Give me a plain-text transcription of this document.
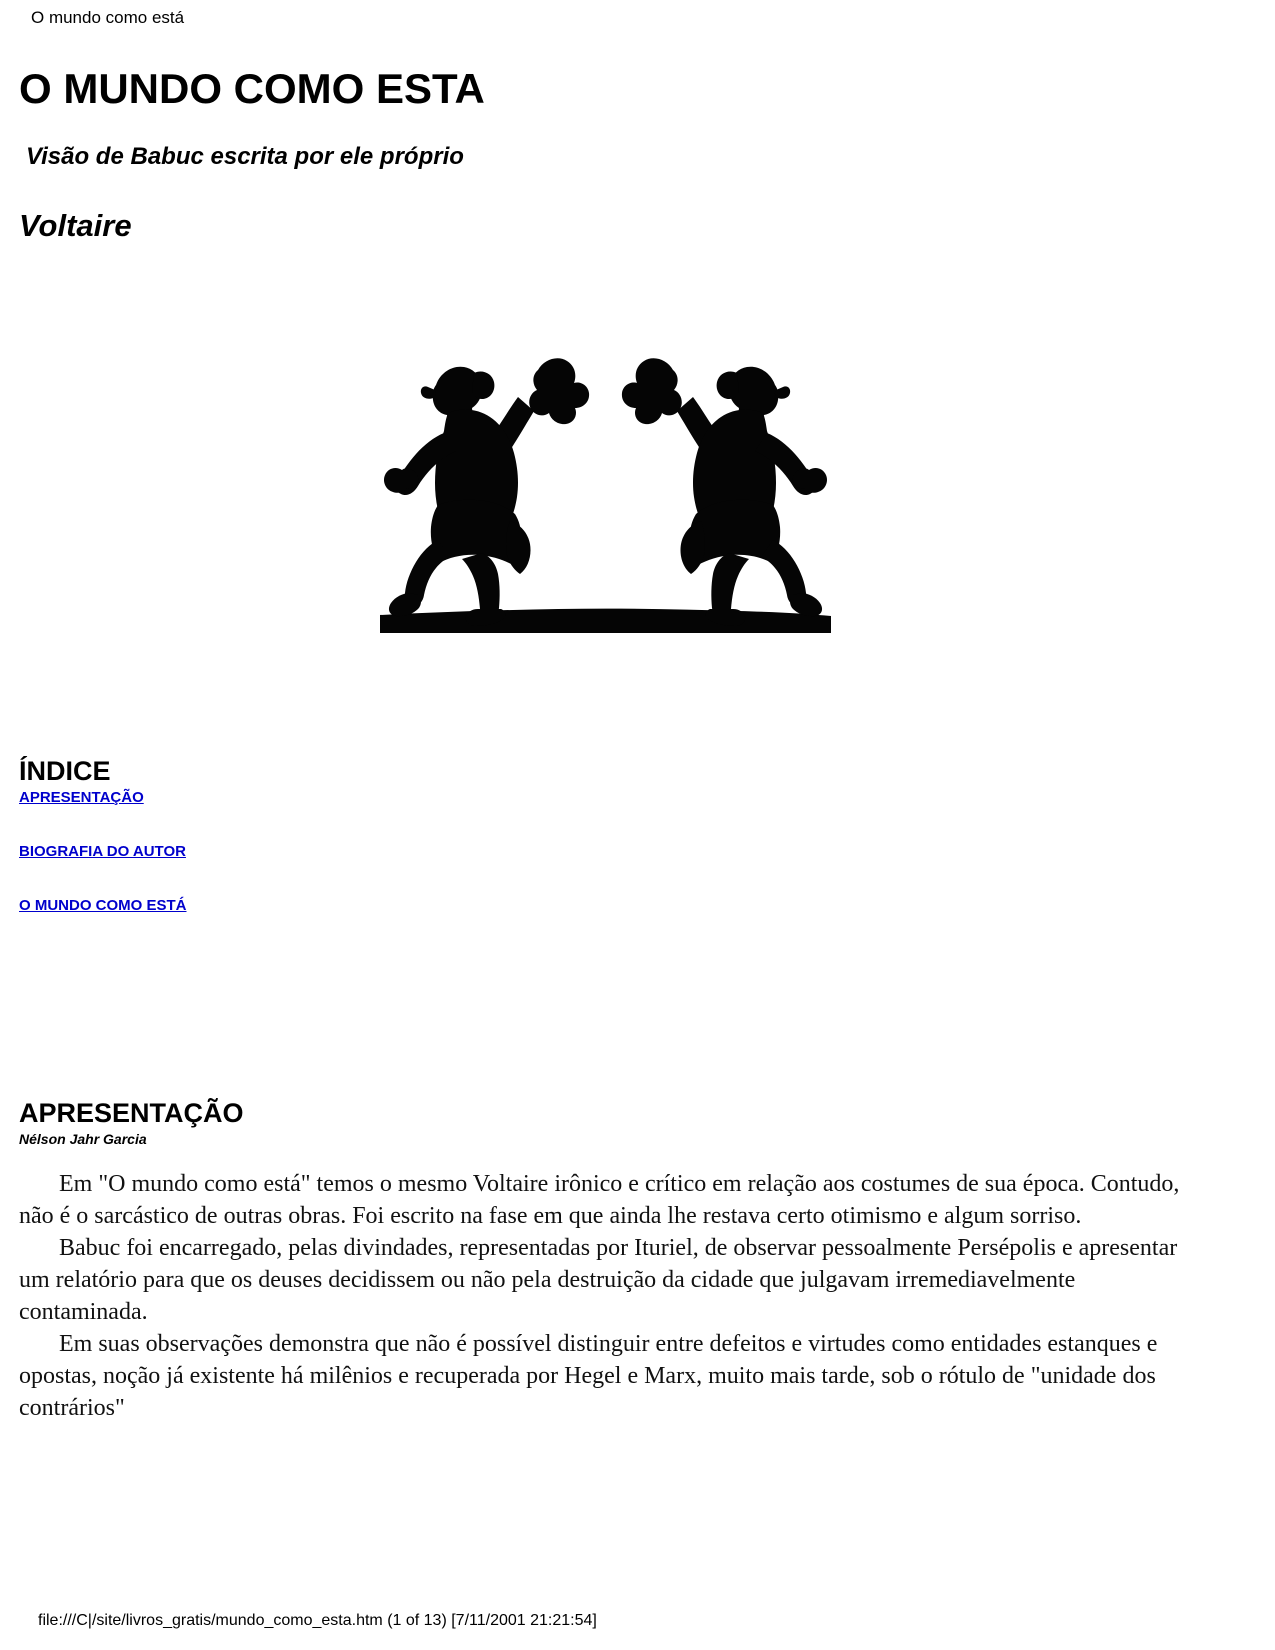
O mundo como está
O MUNDO COMO ESTA
Visão de Babuc escrita por ele próprio
Voltaire
ÍNDICE
APRESENTAÇÃO
BIOGRAFIA DO AUTOR
O MUNDO COMO ESTÁ
APRESENTAÇÃO
Nélson Jahr Garcia

Em "O mundo como está" temos o mesmo Voltaire irônico e crítico em relação aos costumes de sua época. Contudo, não é o sarcástico de outras obras. Foi escrito na fase em que ainda lhe restava certo otimismo e algum sorriso.

Babuc foi encarregado, pelas divindades, representadas por Ituriel, de observar pessoalmente Persépolis e apresentar um relatório para que os deuses decidissem ou não pela destruição da cidade que julgavam irremediavelmente contaminada.

Em suas observações demonstra que não é possível distinguir entre defeitos e virtudes como entidades estanques e opostas, noção já existente há milênios e recuperada por Hegel e Marx, muito mais tarde, sob o rótulo de "unidade dos contrários"

file:///C|/site/livros_gratis/mundo_como_esta.htm (1 of 13) [7/11/2001 21:21:54]
